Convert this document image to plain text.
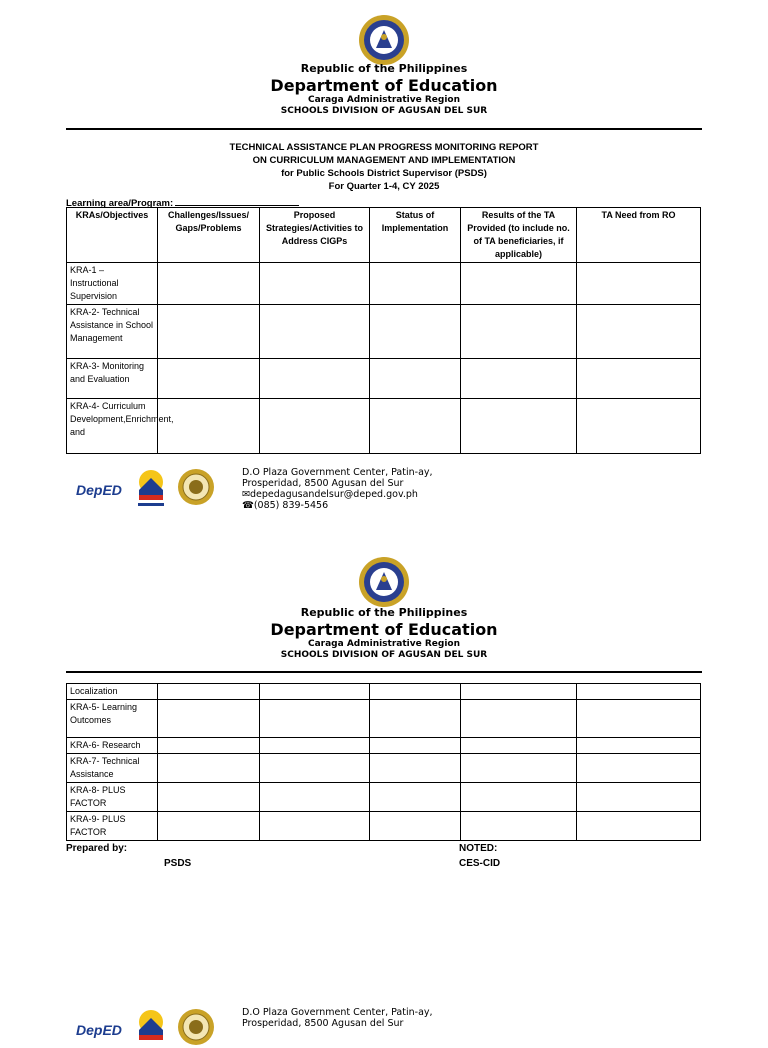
Republic of the Philippines
Department of Education
Caraga Administrative Region
SCHOOLS DIVISION OF AGUSAN DEL SUR
TECHNICAL ASSISTANCE PLAN PROGRESS MONITORING REPORT
ON CURRICULUM MANAGEMENT AND IMPLEMENTATION
for Public Schools District Supervisor (PSDS)
For Quarter 1-4, CY 2025
Learning area/Program:
KRAs/Objectives	Challenges/Issues/ Gaps/Problems	Proposed Strategies/Activities to Address CIGPs	Status of Implementation	Results of the TA Provided (to include no. of TA beneficiaries, if applicable)	TA Need from RO
KRA-1 – Instructional Supervision					
KRA-2- Technical Assistance in School Management					
KRA-3- Monitoring and Evaluation					

KRA-4- Curriculum Development,Enrichment, and					

DepED
D.O Plaza Government Center, Patin-ay,
Prosperidad, 8500 Agusan del Sur
✉depedagusandelsur@deped.gov.ph
☎(085) 839-5456
Republic of the Philippines
Department of Education
Caraga Administrative Region
SCHOOLS DIVISION OF AGUSAN DEL SUR
Localization					
KRA-5- Learning Outcomes					
KRA-6- Research					
KRA-7- Technical Assistance					
KRA-8- PLUS FACTOR					
KRA-9- PLUS FACTOR					
Prepared by:
PSDS
NOTED:
CES-CID
DepED
D.O Plaza Government Center, Patin-ay,
Prosperidad, 8500 Agusan del Sur
